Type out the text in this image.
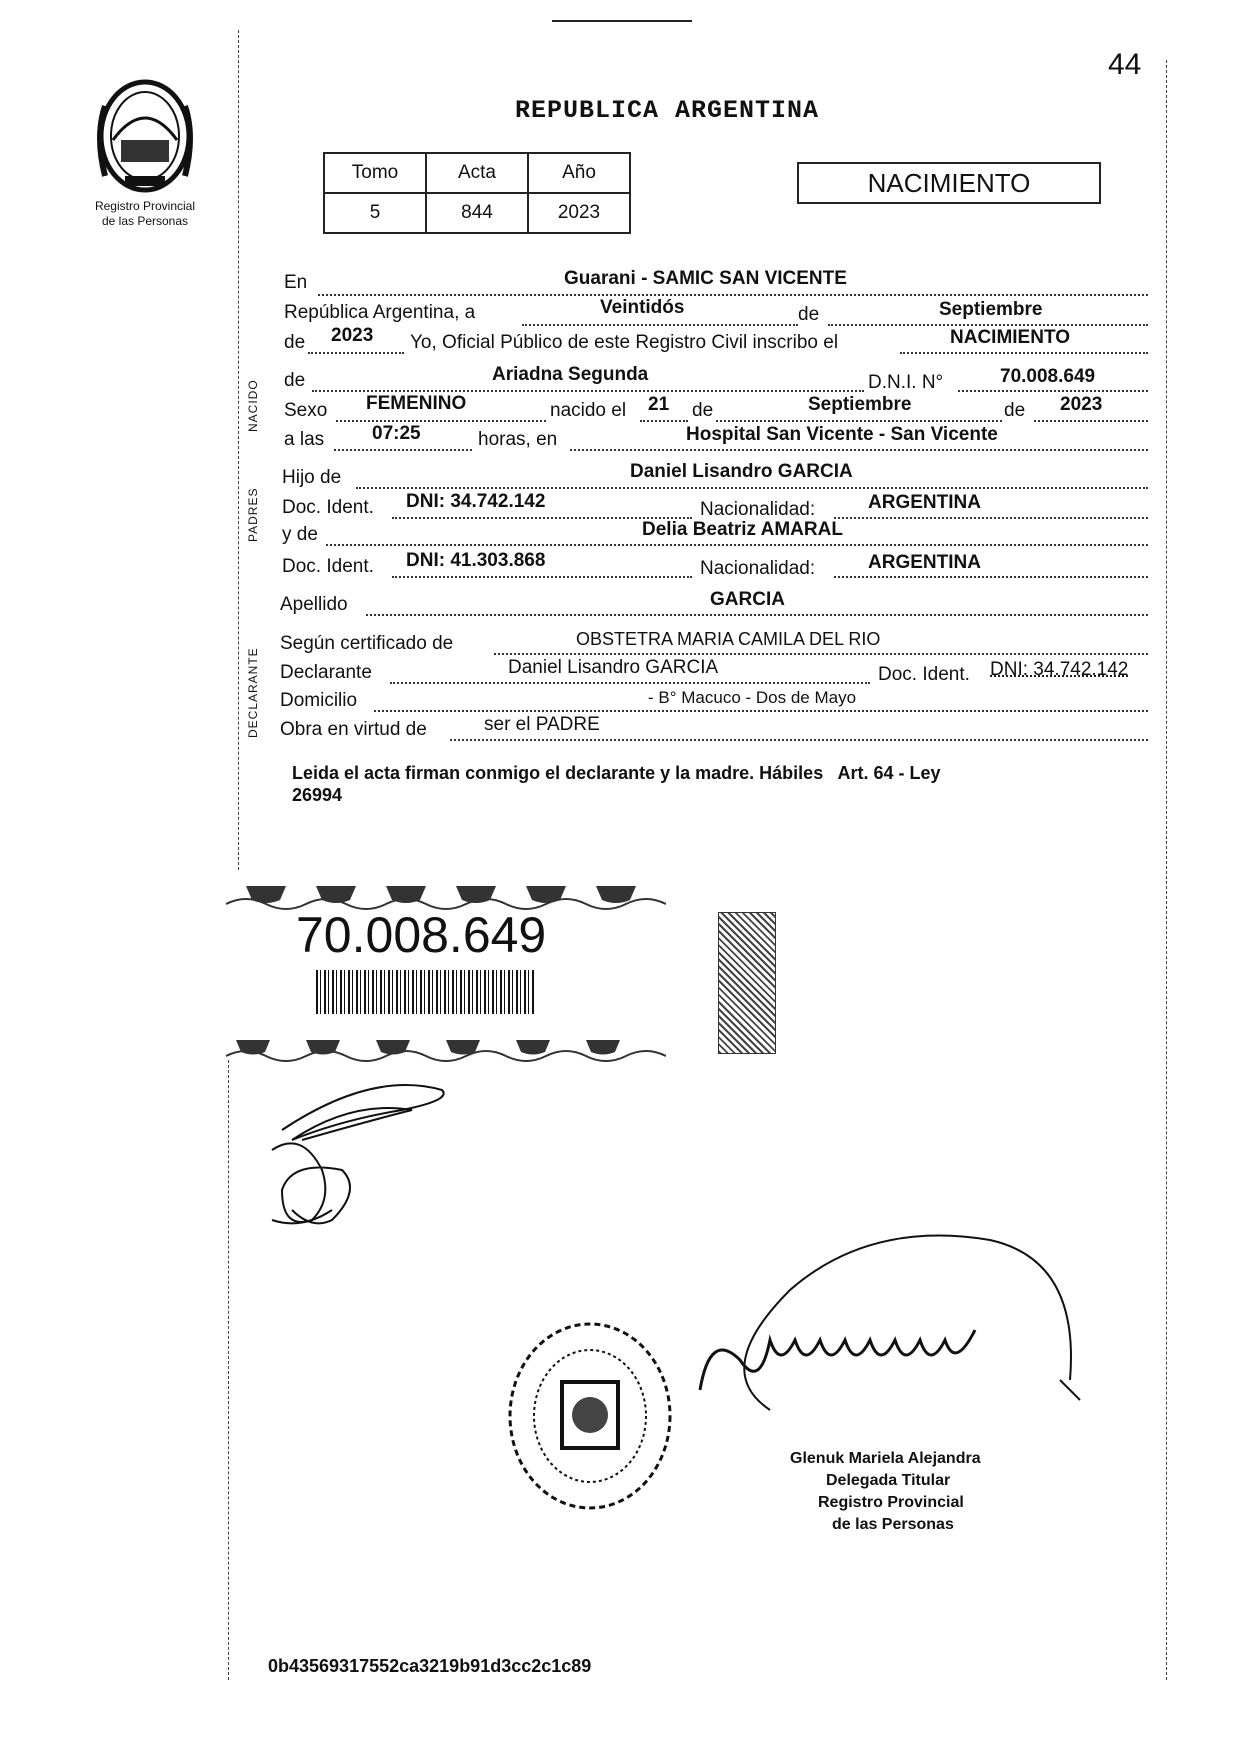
44
Registro Provincial
de las Personas
REPUBLICA ARGENTINA
Tomo	Acta	Año
5	844	2023
NACIMIENTO
NACIDO
PADRES
DECLARANTE
En	Guarani - SAMIC SAN VICENTE
República Argentina, a	Veintidós	de	Septiembre
de 2023 Yo, Oficial Público de este Registro Civil inscribo el	NACIMIENTO
de	Ariadna Segunda	D.N.I. N°	70.008.649
Sexo FEMENINO	nacido el 21 de	Septiembre	de 2023
a las	07:25	horas, en	Hospital San Vicente - San Vicente
Hijo de	Daniel Lisandro GARCIA
Doc. Ident. DNI: 34.742.142	Nacionalidad:	ARGENTINA
y de	Delia Beatriz AMARAL
Doc. Ident. DNI: 41.303.868	Nacionalidad:	ARGENTINA
Apellido	GARCIA
Según certificado de	OBSTETRA MARIA CAMILA DEL RIO
Declarante	Daniel Lisandro GARCIA	Doc. Ident. DNI: 34.742.142
Domicilio	- B° Macuco - Dos de Mayo
Obra en virtud de	ser el PADRE
Leida el acta firman conmigo el declarante y la madre. Hábiles   Art. 64 - Ley
26994
70.008.649
Glenuk Mariela Alejandra
Delegada Titular
Registro Provincial
de las Personas
0b43569317552ca3219b91d3cc2c1c89
